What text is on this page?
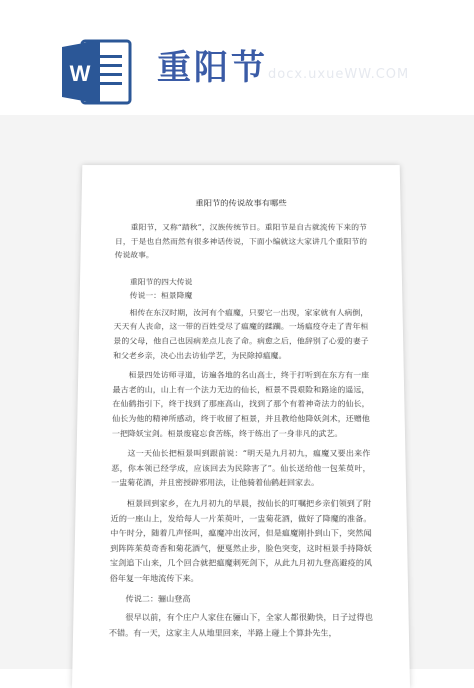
W 重阳节 docx.uxueWW.COM
重阳节的传说故事有哪些

重阳节，又称“踏秋”，汉族传统节日。重阳节是自古就流传下来的节日，于是也自然而然有很多神话传说，下面小编就这大家讲几个重阳节的传说故事。

重阳节的四大传说

传说一：桓景降魔

相传在东汉时期，汝河有个瘟魔，只要它一出现，家家就有人病倒，天天有人丧命，这一带的百姓受尽了瘟魔的蹂躏。一场瘟疫夺走了青年桓景的父母，他自己也因病差点儿丧了命。病愈之后，他辞别了心爱的妻子和父老乡亲，决心出去访仙学艺，为民除掉瘟魔。

桓景四处访师寻道，访遍各地的名山高士，终于打听到在东方有一座最古老的山，山上有一个法力无边的仙长，桓景不畏艰险和路途的遥远，在仙鹤指引下，终于找到了那座高山，找到了那个有着神奇法力的仙长，仙长为他的精神所感动，终于收留了桓景，并且教给他降妖剑术，还赠他一把降妖宝剑。桓景废寝忘食苦练，终于练出了一身非凡的武艺。

这一天仙长把桓景叫到跟前说：“明天是九月初九，瘟魔又要出来作恶，你本领已经学成，应该回去为民除害了”。仙长送给他一包茱萸叶，一盅菊花酒，并且密授辟邪用法，让他骑着仙鹤赶回家去。

桓景回到家乡，在九月初九的早晨，按仙长的叮嘱把乡亲们领到了附近的一座山上，发给每人一片茱萸叶，一盅菊花酒，做好了降魔的准备。中午时分，随着几声怪叫，瘟魔冲出汝河，但是瘟魔刚扑到山下，突然闻到阵阵茱萸奇香和菊花酒气，便戛然止步，脸色突变，这时桓景手持降妖宝剑追下山来，几个回合就把瘟魔刺死剑下，从此九月初九登高避疫的风俗年复一年地流传下来。

传说二：骊山登高

很早以前，有个庄户人家住在骊山下，全家人都很勤快，日子过得也不错。有一天，这家主人从地里回来，半路上碰上个算卦先生，
